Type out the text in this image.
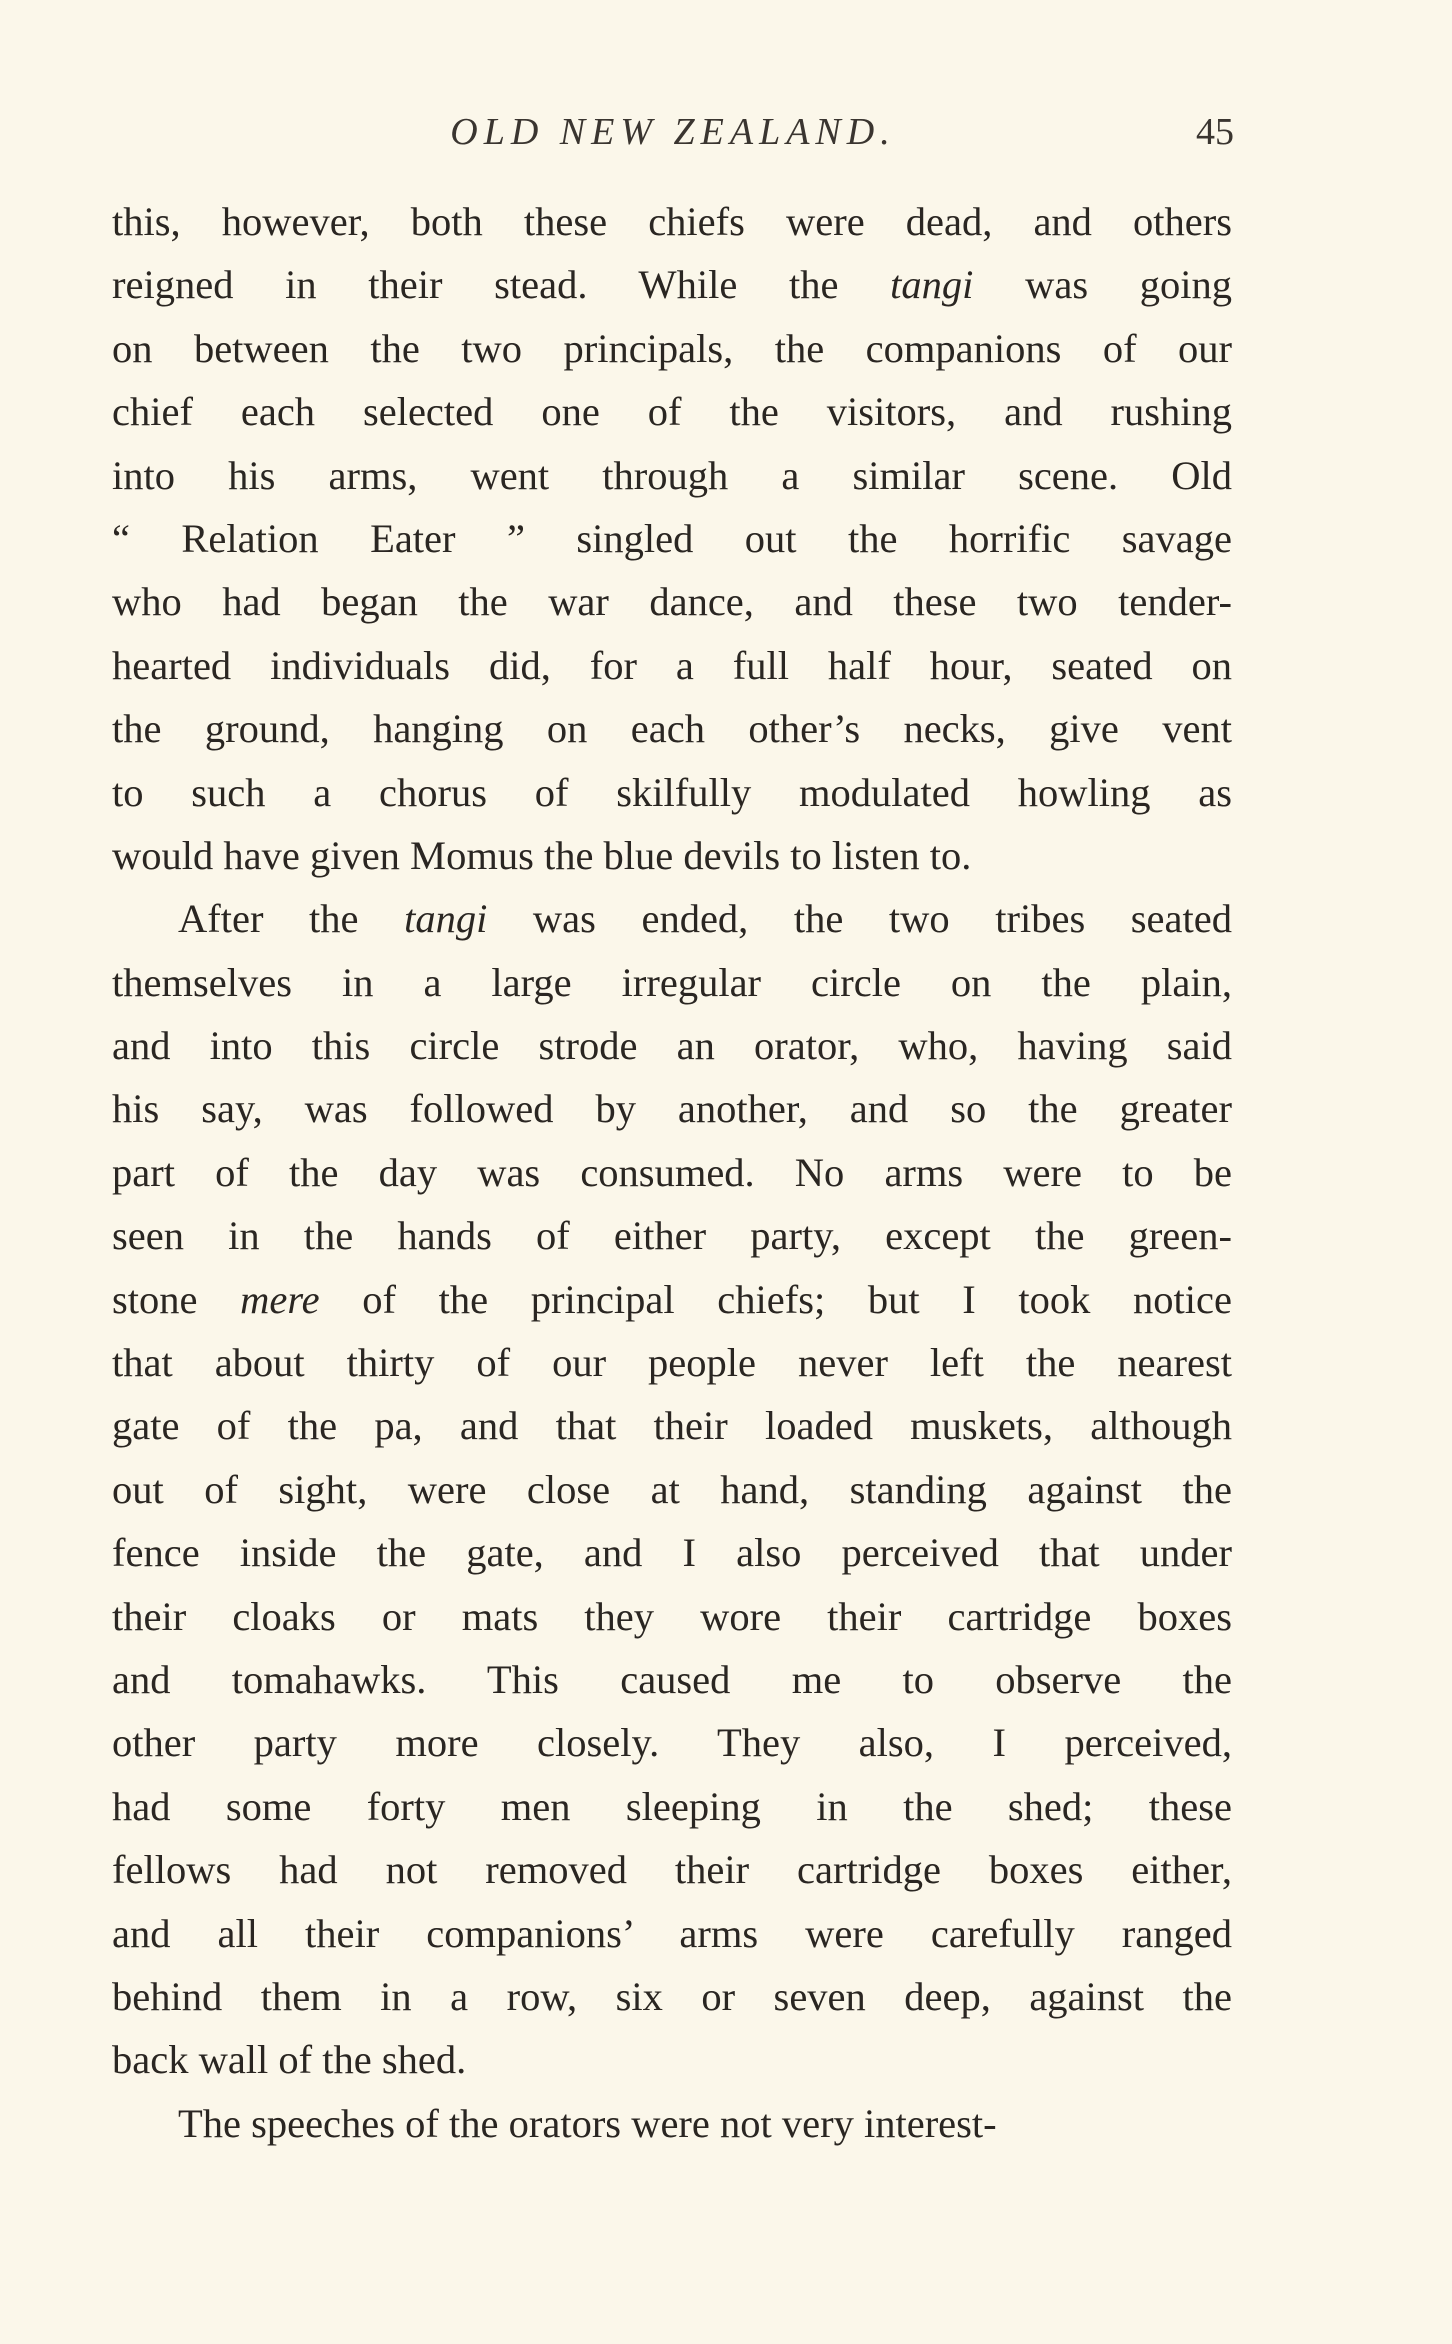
OLD NEW ZEALAND.	45
this, however, both these chiefs were dead, and others
reigned in their stead. While the tangi was going
on between the two principals, the companions of our
chief each selected one of the visitors, and rushing
into his arms, went through a similar scene. Old
“ Relation Eater ” singled out the horrific savage
who had began the war dance, and these two tender-
hearted individuals did, for a full half hour, seated on
the ground, hanging on each other’s necks, give vent
to such a chorus of skilfully modulated howling as
would have given Momus the blue devils to listen to.
After the tangi was ended, the two tribes seated
themselves in a large irregular circle on the plain,
and into this circle strode an orator, who, having said
his say, was followed by another, and so the greater
part of the day was consumed. No arms were to be
seen in the hands of either party, except the green-
stone mere of the principal chiefs; but I took notice
that about thirty of our people never left the nearest
gate of the pa, and that their loaded muskets, although
out of sight, were close at hand, standing against the
fence inside the gate, and I also perceived that under
their cloaks or mats they wore their cartridge boxes
and tomahawks. This caused me to observe the
other party more closely. They also, I perceived,
had some forty men sleeping in the shed; these
fellows had not removed their cartridge boxes either,
and all their companions’ arms were carefully ranged
behind them in a row, six or seven deep, against the
back wall of the shed.
The speeches of the orators were not very interest-
